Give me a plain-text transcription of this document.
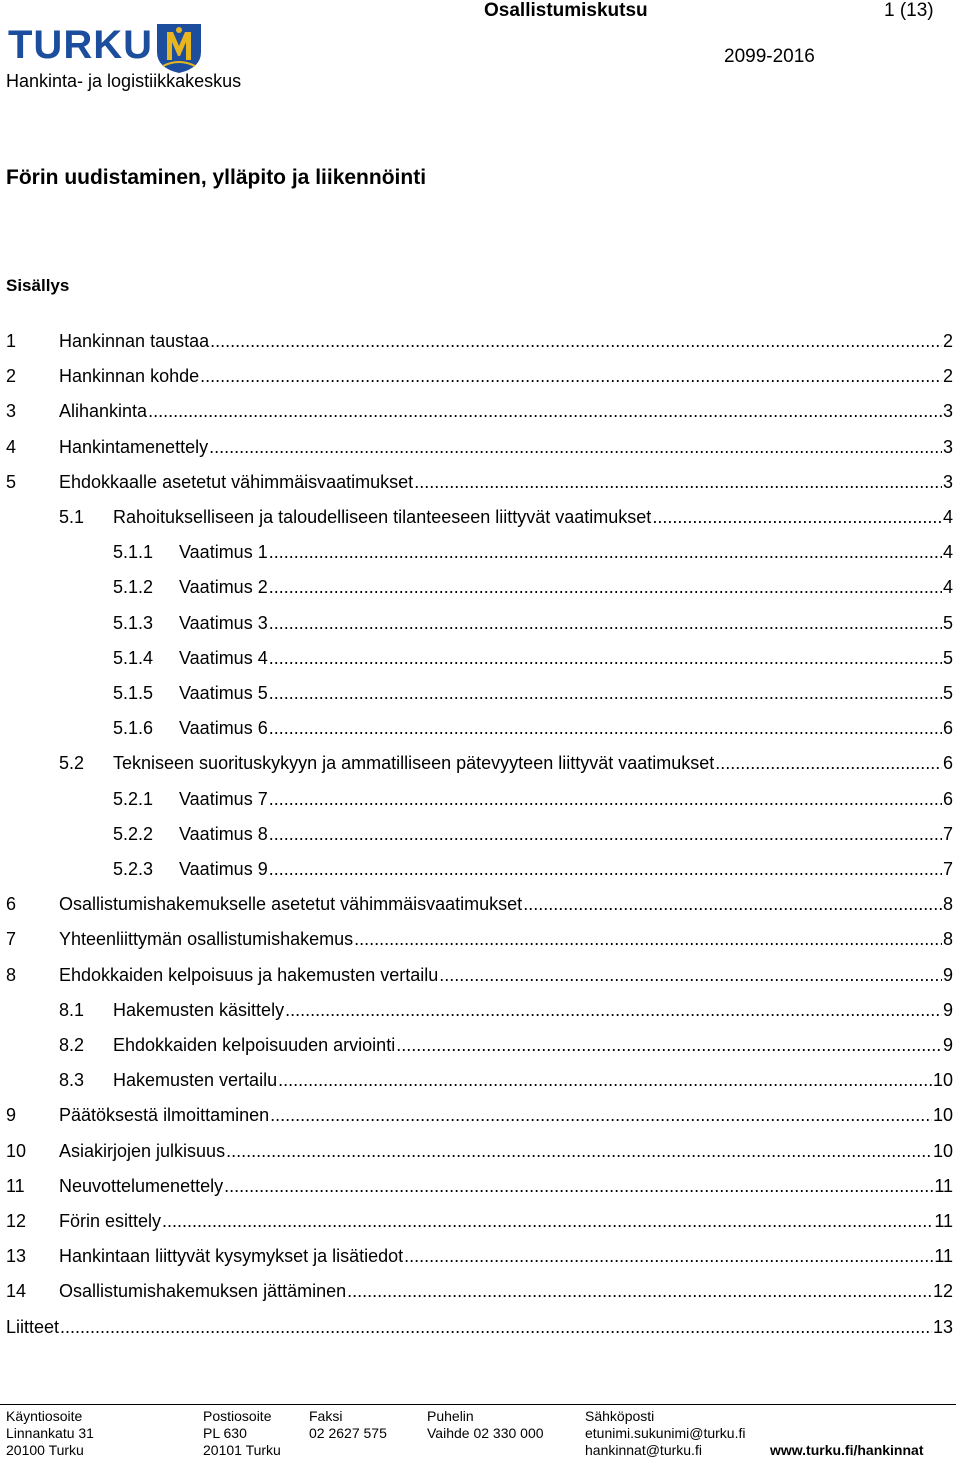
TURKU
Hankinta- ja logistiikkakeskus
Osallistumiskutsu	1 (13)
2099-2016
Förin uudistaminen, ylläpito ja liikennöinti
Sisällys
1 Hankinnan taustaa .....	2
2 Hankinnan kohde .....	2
3 Alihankinta .....	3
4 Hankintamenettely .....	3
5 Ehdokkaalle asetetut vähimmäisvaatimukset .....	3
5.1 Rahoitukselliseen ja taloudelliseen tilanteeseen liittyvät vaatimukset .....	4
5.1.1 Vaatimus 1 .....	4
5.1.2 Vaatimus 2 .....	4
5.1.3 Vaatimus 3 .....	5
5.1.4 Vaatimus 4 .....	5
5.1.5 Vaatimus 5 .....	5
5.1.6 Vaatimus 6 .....	6
5.2 Tekniseen suorituskykyyn ja ammatilliseen pätevyyteen liittyvät vaatimukset .....	6
5.2.1 Vaatimus 7 .....	6
5.2.2 Vaatimus 8 .....	7
5.2.3 Vaatimus 9 .....	7
6 Osallistumishakemukselle asetetut vähimmäisvaatimukset .....	8
7 Yhteenliittymän osallistumishakemus .....	8
8 Ehdokkaiden kelpoisuus ja hakemusten vertailu .....	9
8.1 Hakemusten käsittely .....	9
8.2 Ehdokkaiden kelpoisuuden arviointi .....	9
8.3 Hakemusten vertailu .....	10
9 Päätöksestä ilmoittaminen .....	10
10 Asiakirjojen julkisuus .....	10
11 Neuvottelumenettely .....	11
12 Förin esittely .....	11
13 Hankintaan liittyvät kysymykset ja lisätiedot .....	11
14 Osallistumishakemuksen jättäminen .....	12
Liitteet .....	13
Käyntiosoite
Linnankatu 31
20100 Turku
Postiosoite
PL 630
20101 Turku
Faksi
02 2627 575
Puhelin
Vaihde 02 330 000
Sähköposti
etunimi.sukunimi@turku.fi
hankinnat@turku.fi	www.turku.fi/hankinnat
